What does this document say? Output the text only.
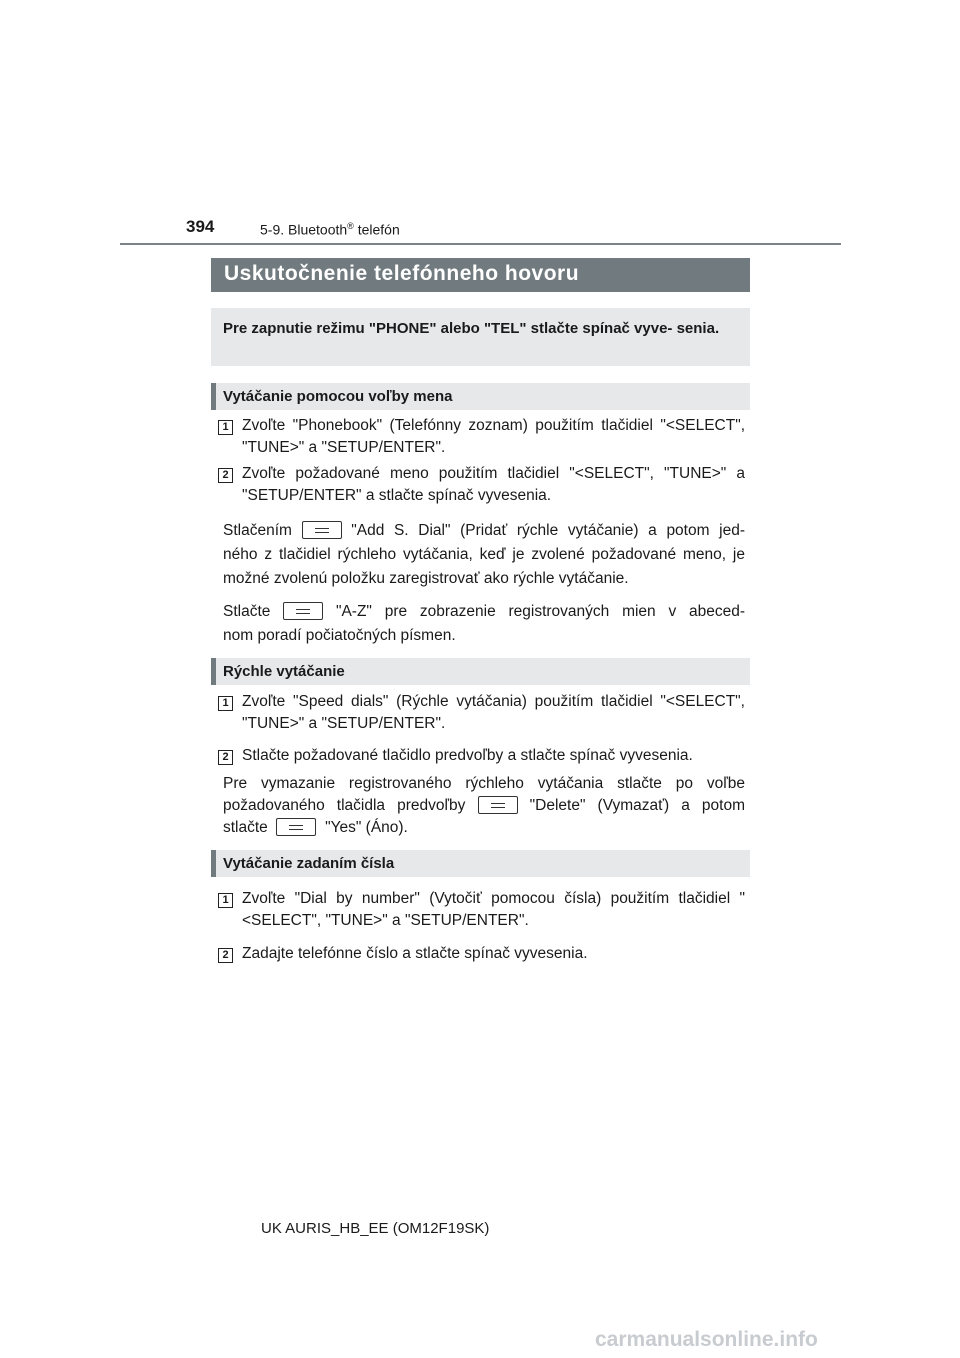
394	5-9. Bluetooth® telefón
Uskutočnenie telefónneho hovoru
Pre zapnutie režimu "PHONE" alebo "TEL" stlačte spínač vyve- senia.
Vytáčanie pomocou voľby mena
1 Zvoľte "Phonebook" (Telefónny zoznam) použitím tlačidiel "<SELECT", "TUNE>" a "SETUP/ENTER".
2 Zvoľte požadované meno použitím tlačidiel "<SELECT", "TUNE>" a "SETUP/ENTER" a stlačte spínač vyvesenia.
Stlačením	"Add S. Dial" (Pridať rýchle vytáčanie) a potom jed-
ného z tlačidiel rýchleho vytáčania, keď je zvolené požadované meno, je možné zvolenú položku zaregistrovať ako rýchle vytáčanie.
Stlačte	"A-Z" pre zobrazenie registrovaných mien v abeced-
nom poradí počiatočných písmen.
Rýchle vytáčanie
1 Zvoľte "Speed dials" (Rýchle vytáčania) použitím tlačidiel "<SELECT", "TUNE>" a "SETUP/ENTER".
2 Stlačte požadované tlačidlo predvoľby a stlačte spínač vyvesenia.
Pre vymazanie registrovaného rýchleho vytáčania stlačte po voľbe
požadovaného tlačidla predvoľby	"Delete" (Vymazať) a potom
stlačte	"Yes" (Áno).
Vytáčanie zadaním čísla
1 Zvoľte "Dial by number" (Vytočiť pomocou čísla) použitím tlačidiel "<SELECT", "TUNE>" a "SETUP/ENTER".
2 Zadajte telefónne číslo a stlačte spínač vyvesenia.
UK AURIS_HB_EE (OM12F19SK)
carmanualsonline.info
